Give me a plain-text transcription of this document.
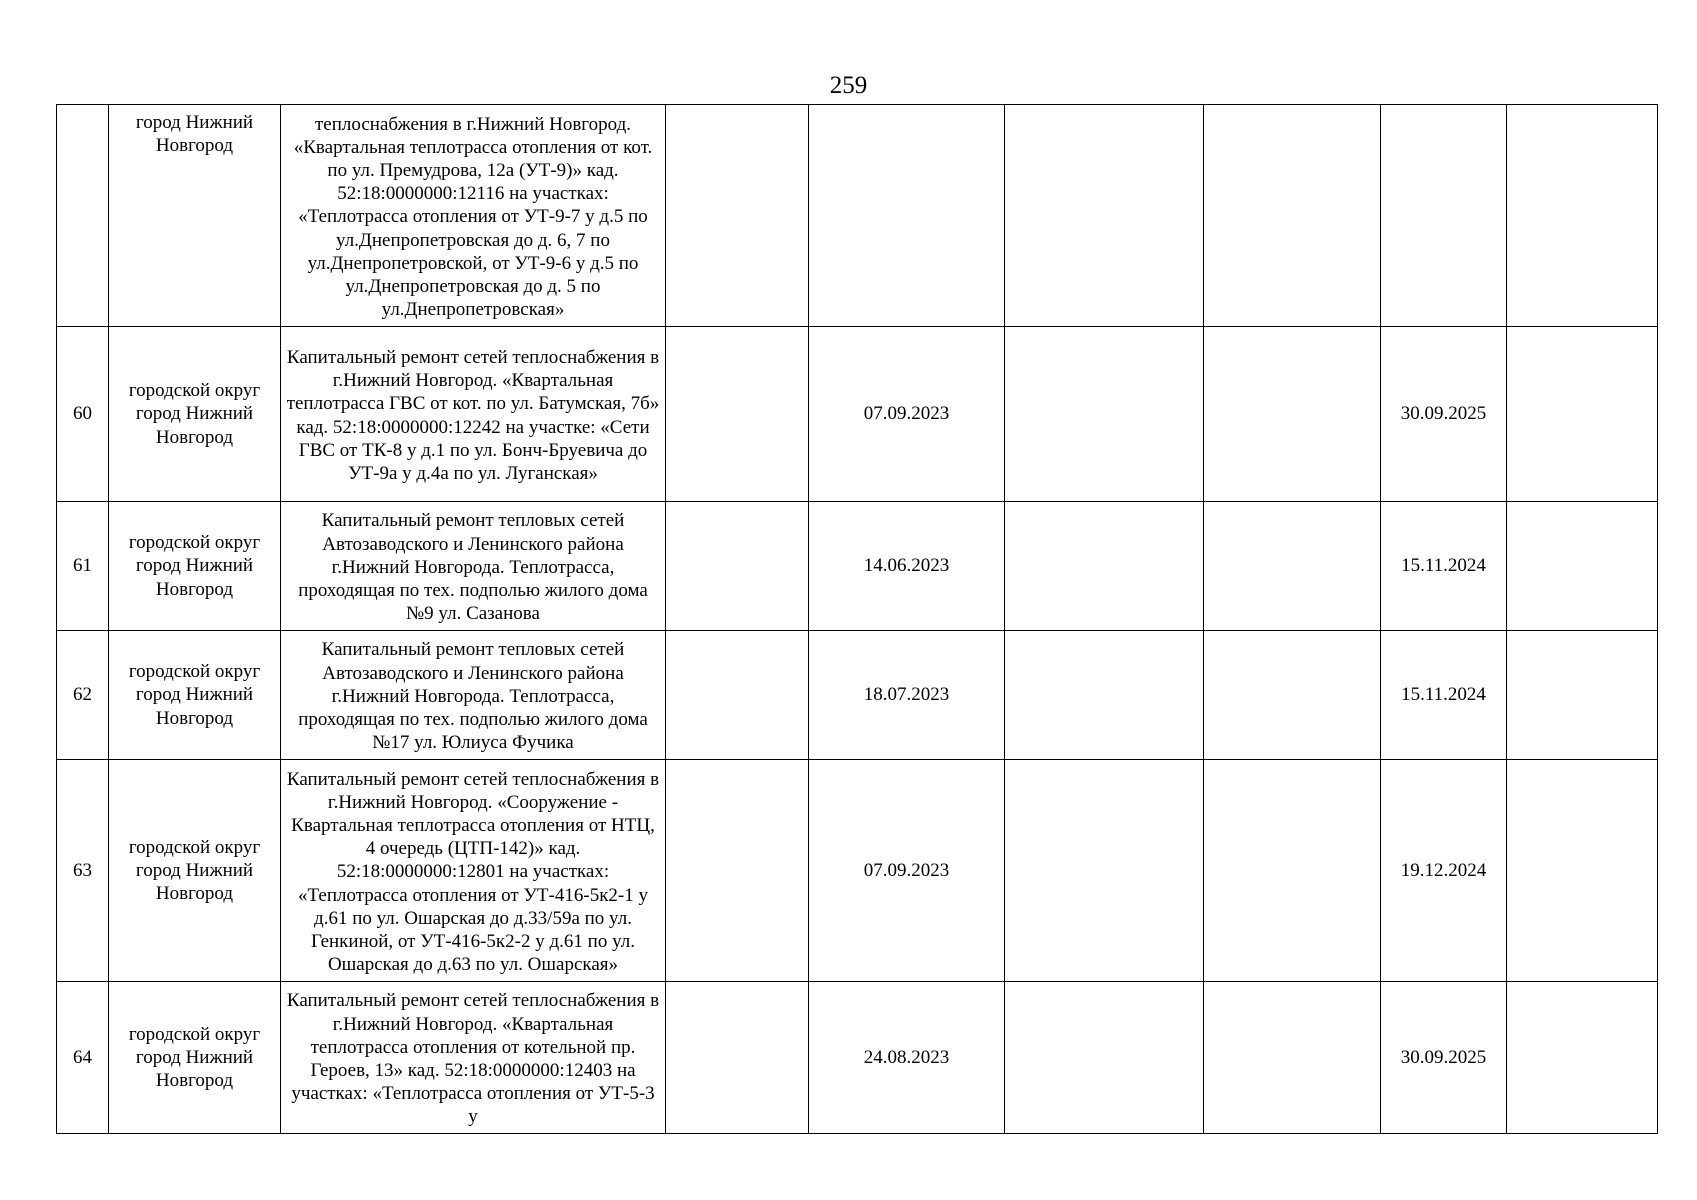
259
	город Нижний Новгород	теплоснабжения в г.Нижний Новгород. «Квартальная теплотрасса отопления от кот. по ул. Премудрова, 12а (УТ-9)» кад. 52:18:0000000:12116 на участках: «Теплотрасса отопления от УТ-9-7 у д.5 по ул.Днепропетровская до д. 6, 7 по ул.Днепропетровской, от УТ-9-6 у д.5 по ул.Днепропетровская до д. 5 по ул.Днепропетровская»						
60	городской округ город Нижний Новгород	Капитальный ремонт сетей теплоснабжения в г.Нижний Новгород. «Квартальная теплотрасса ГВС от кот. по ул. Батумская, 7б» кад. 52:18:0000000:12242 на участке: «Сети ГВС от ТК-8 у д.1 по ул. Бонч-Бруевича до УТ-9а у д.4а по ул. Луганская»		07.09.2023			30.09.2025	
61	городской округ город Нижний Новгород	Капитальный ремонт тепловых сетей Автозаводского и Ленинского района г.Нижний Новгорода. Теплотрасса, проходящая по тех. подполью жилого дома №9 ул. Сазанова		14.06.2023			15.11.2024	
62	городской округ город Нижний Новгород	Капитальный ремонт тепловых сетей Автозаводского и Ленинского района г.Нижний Новгорода. Теплотрасса, проходящая по тех. подполью жилого дома №17 ул. Юлиуса Фучика		18.07.2023			15.11.2024	
63	городской округ город Нижний Новгород	Капитальный ремонт сетей теплоснабжения в г.Нижний Новгород. «Сооружение - Квартальная теплотрасса отопления от НТЦ, 4 очередь (ЦТП-142)» кад. 52:18:0000000:12801 на участках: «Теплотрасса отопления от УТ-416-5к2-1 у д.61 по ул. Ошарская до д.33/59а по ул. Генкиной, от УТ-416-5к2-2 у д.61 по ул. Ошарская до д.63 по ул. Ошарская»		07.09.2023			19.12.2024	
64	городской округ город Нижний Новгород	Капитальный ремонт сетей теплоснабжения в г.Нижний Новгород. «Квартальная теплотрасса отопления от котельной пр. Героев, 13» кад. 52:18:0000000:12403 на участках: «Теплотрасса отопления от УТ-5-3 у		24.08.2023			30.09.2025	
